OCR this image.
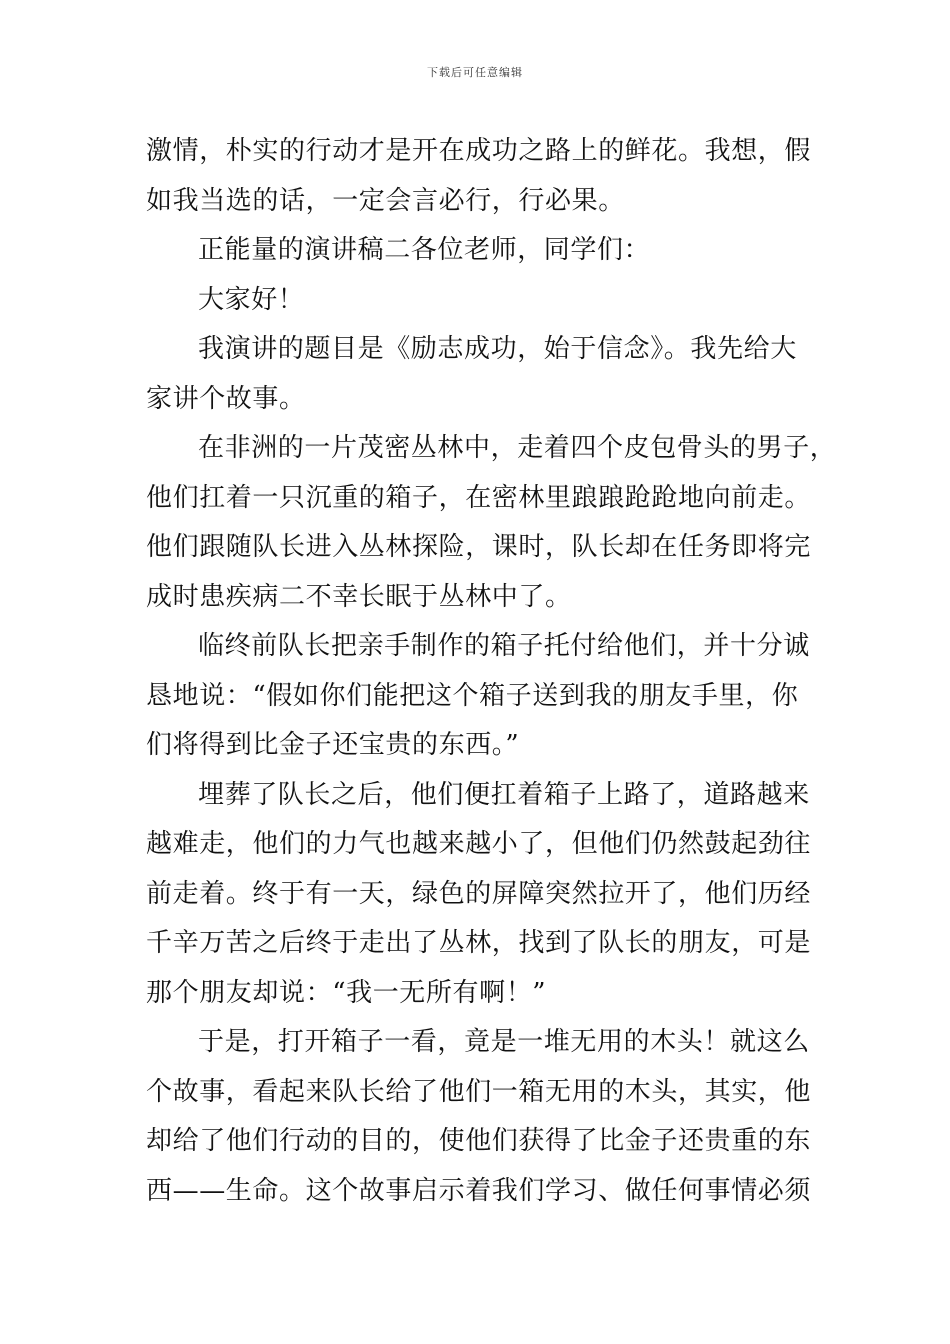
下载后可任意编辑
激情，朴实的行动才是开在成功之路上的鲜花。我想，假
如我当选的话，一定会言必行，行必果。
正能量的演讲稿二各位老师，同学们：
大家好！
我演讲的题目是《励志成功，始于信念》。我先给大
家讲个故事。
在非洲的一片茂密丛林中，走着四个皮包骨头的男子，
他们扛着一只沉重的箱子，在密林里踉踉跄跄地向前走。
他们跟随队长进入丛林探险，课时，队长却在任务即将完
成时患疾病二不幸长眠于丛林中了。
临终前队长把亲手制作的箱子托付给他们，并十分诚
恳地说：“假如你们能把这个箱子送到我的朋友手里，你
们将得到比金子还宝贵的东西。”
埋葬了队长之后，他们便扛着箱子上路了，道路越来
越难走，他们的力气也越来越小了，但他们仍然鼓起劲往
前走着。终于有一天，绿色的屏障突然拉开了，他们历经
千辛万苦之后终于走出了丛林，找到了队长的朋友，可是
那个朋友却说：“我一无所有啊！”
于是，打开箱子一看，竟是一堆无用的木头！就这么
个故事，看起来队长给了他们一箱无用的木头，其实，他
却给了他们行动的目的，使他们获得了比金子还贵重的东
西——生命。这个故事启示着我们学习、做任何事情必须
